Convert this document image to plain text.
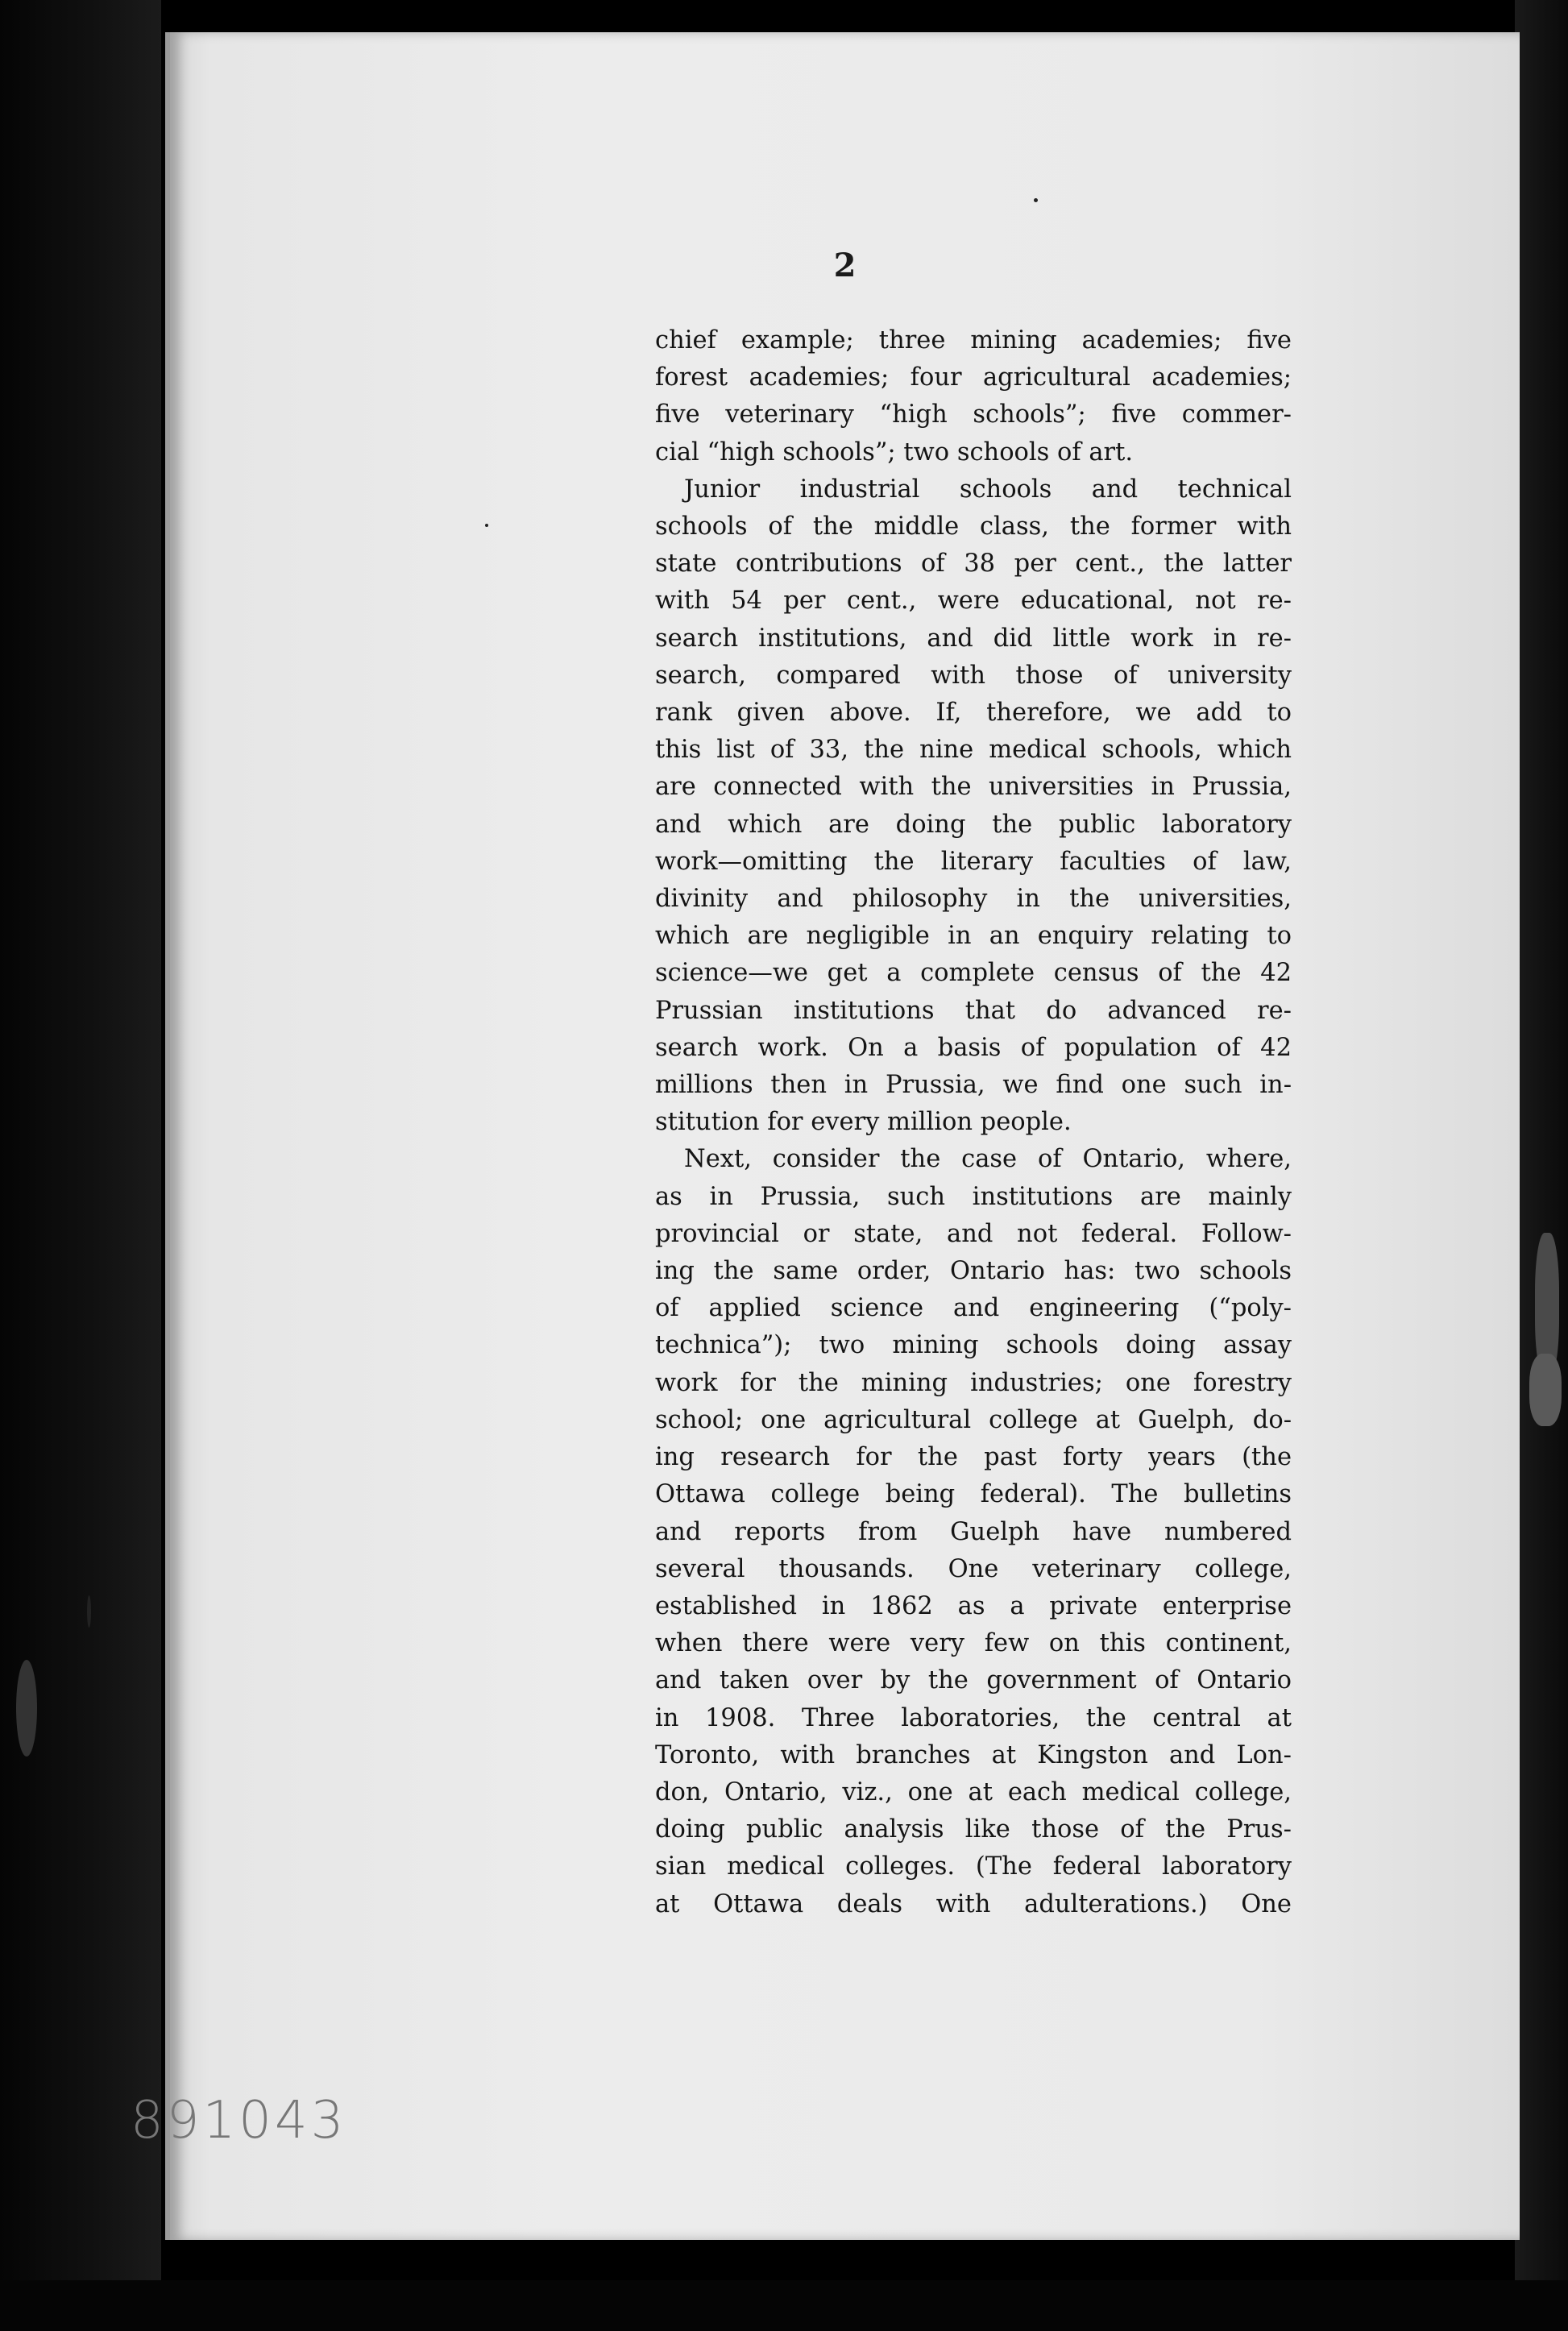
2
chief example; three mining academies; five
forest academies; four agricultural academies;
five veterinary “high schools”; five commer-
cial “high schools”; two schools of art.
Junior industrial schools and technical
schools of the middle class, the former with
state contributions of 38 per cent., the latter
with 54 per cent., were educational, not re-
search institutions, and did little work in re-
search, compared with those of university
rank given above. If, therefore, we add to
this list of 33, the nine medical schools, which
are connected with the universities in Prussia,
and which are doing the public laboratory
work—omitting the literary faculties of law,
divinity and philosophy in the universities,
which are negligible in an enquiry relating to
science—we get a complete census of the 42
Prussian institutions that do advanced re-
search work. On a basis of population of 42
millions then in Prussia, we find one such in-
stitution for every million people.
Next, consider the case of Ontario, where,
as in Prussia, such institutions are mainly
provincial or state, and not federal. Follow-
ing the same order, Ontario has: two schools
of applied science and engineering (“poly-
technica”); two mining schools doing assay
work for the mining industries; one forestry
school; one agricultural college at Guelph, do-
ing research for the past forty years (the
Ottawa college being federal). The bulletins
and reports from Guelph have numbered
several thousands. One veterinary college,
established in 1862 as a private enterprise
when there were very few on this continent,
and taken over by the government of Ontario
in 1908. Three laboratories, the central at
Toronto, with branches at Kingston and Lon-
don, Ontario, viz., one at each medical college,
doing public analysis like those of the Prus-
sian medical colleges. (The federal laboratory
at Ottawa deals with adulterations.) One
891043
